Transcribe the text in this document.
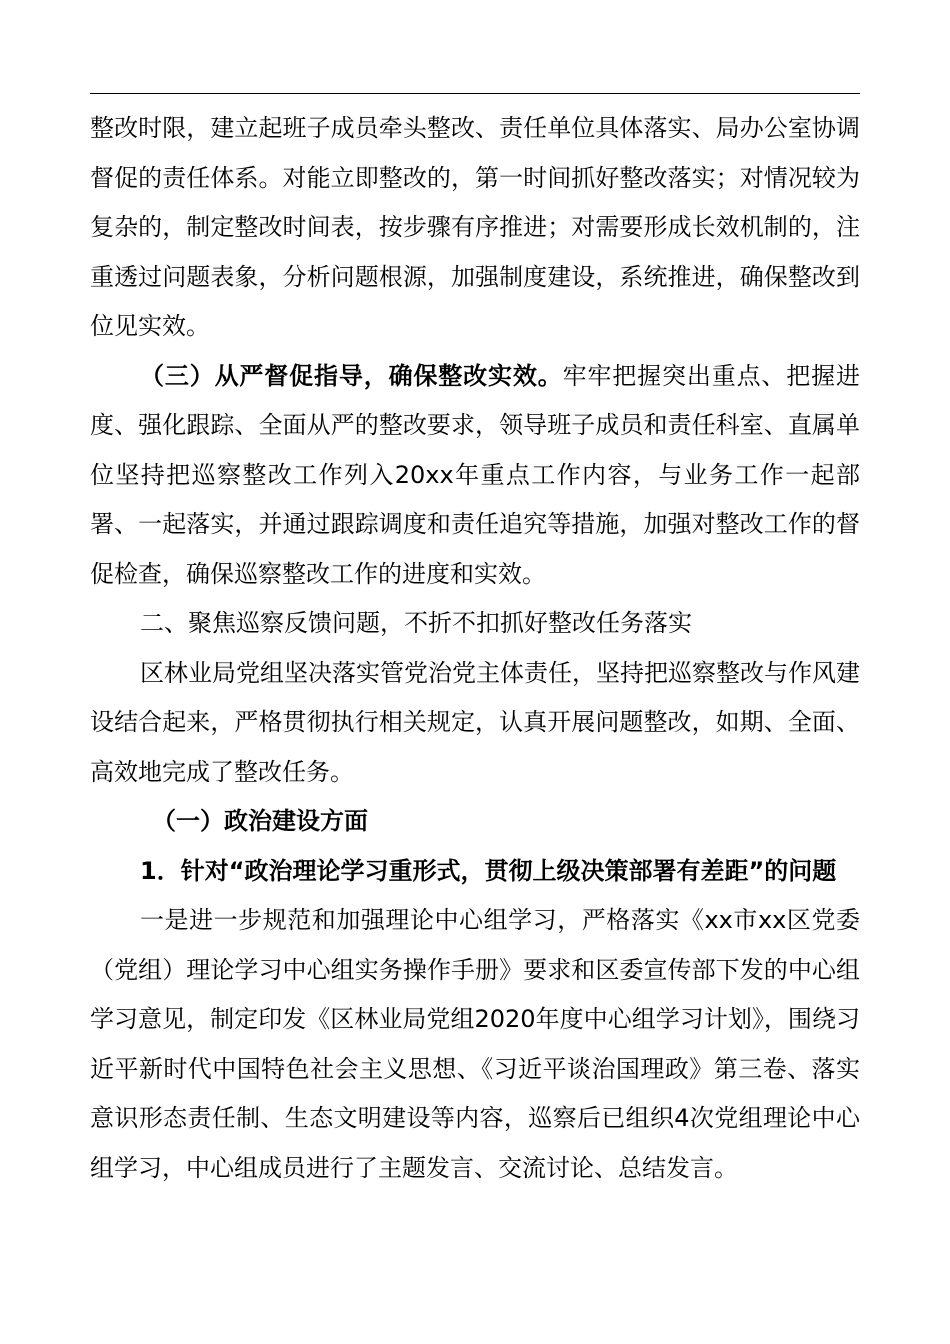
整改时限，建立起班子成员牵头整改、责任单位具体落实、局办公室协调督促的责任体系。对能立即整改的，第一时间抓好整改落实；对情况较为复杂的，制定整改时间表，按步骤有序推进；对需要形成长效机制的，注重透过问题表象，分析问题根源，加强制度建设，系统推进，确保整改到位见实效。

（三）从严督促指导，确保整改实效。牢牢把握突出重点、把握进度、强化跟踪、全面从严的整改要求，领导班子成员和责任科室、直属单位坚持把巡察整改工作列入20xx年重点工作内容，与业务工作一起部署、一起落实，并通过跟踪调度和责任追究等措施，加强对整改工作的督促检查，确保巡察整改工作的进度和实效。

二、聚焦巡察反馈问题，不折不扣抓好整改任务落实

区林业局党组坚决落实管党治党主体责任，坚持把巡察整改与作风建设结合起来，严格贯彻执行相关规定，认真开展问题整改，如期、全面、高效地完成了整改任务。

（一）政治建设方面

1．针对“政治理论学习重形式，贯彻上级决策部署有差距”的问题

一是进一步规范和加强理论中心组学习，严格落实《xx市xx区党委（党组）理论学习中心组实务操作手册》要求和区委宣传部下发的中心组学习意见，制定印发《区林业局党组2020年度中心组学习计划》，围绕习近平新时代中国特色社会主义思想、《习近平谈治国理政》第三卷、落实意识形态责任制、生态文明建设等内容，巡察后已组织4次党组理论中心组学习，中心组成员进行了主题发言、交流讨论、总结发言。
